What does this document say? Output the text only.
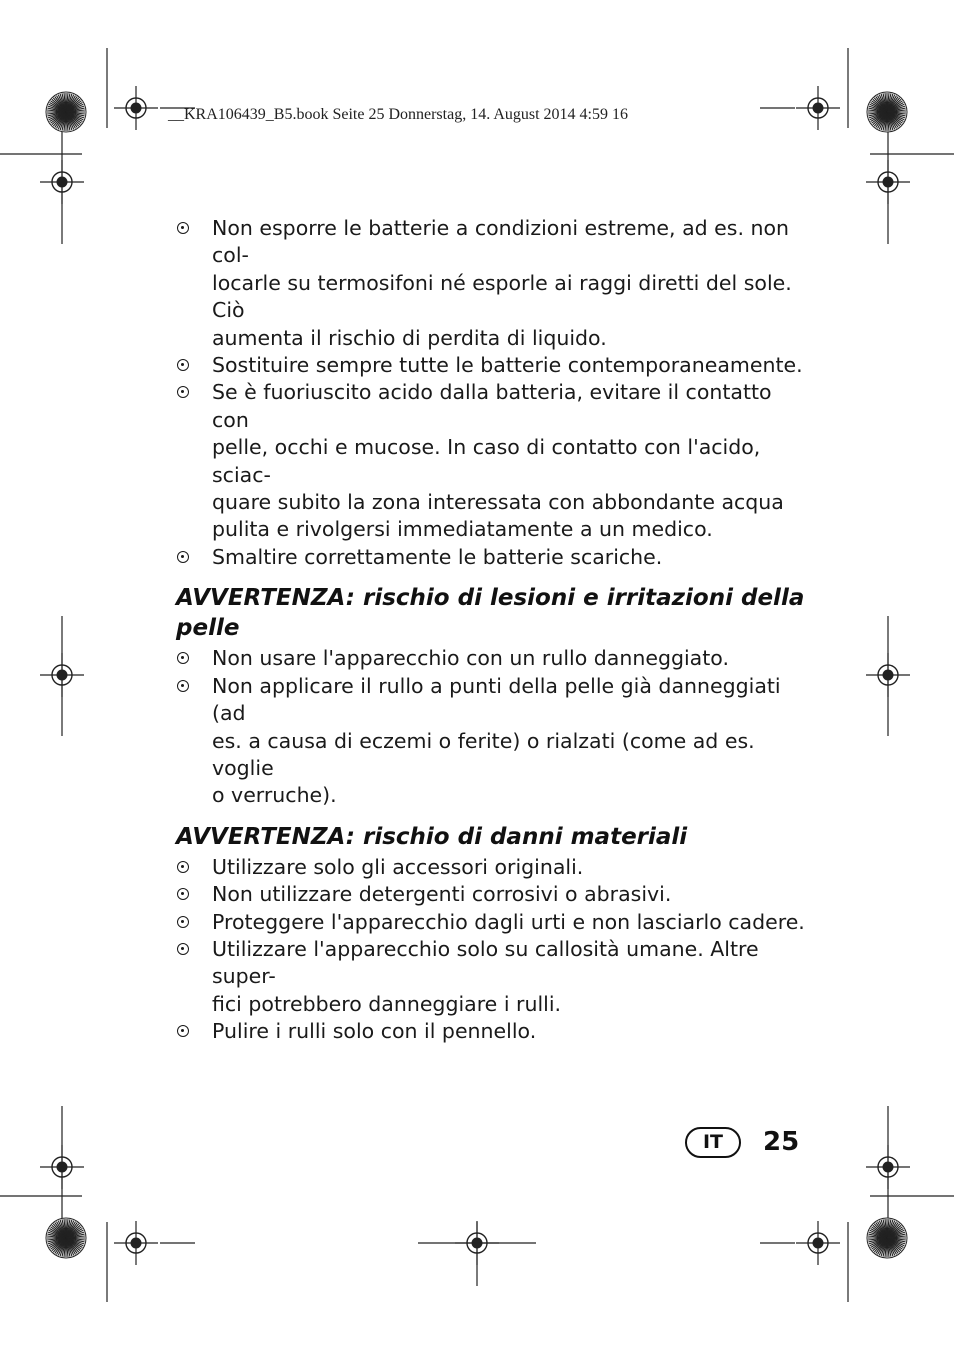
__KRA106439_B5.book Seite 25 Donnerstag, 14. August 2014 4:59 16
Non esporre le batterie a condizioni estreme, ad es. non col-
locarle su termosifoni né esporle ai raggi diretti del sole. Ciò
aumenta il rischio di perdita di liquido.
Sostituire sempre tutte le batterie contemporaneamente.
Se è fuoriuscito acido dalla batteria, evitare il contatto con
pelle, occhi e mucose. In caso di contatto con l'acido, sciac-
quare subito la zona interessata con abbondante acqua
pulita e rivolgersi immediatamente a un medico.
Smaltire correttamente le batterie scariche.
AVVERTENZA: rischio di lesioni e irritazioni della pelle
Non usare l'apparecchio con un rullo danneggiato.
Non applicare il rullo a punti della pelle già danneggiati (ad
es. a causa di eczemi o ferite) o rialzati (come ad es. voglie
o verruche).
AVVERTENZA: rischio di danni materiali
Utilizzare solo gli accessori originali.
Non utilizzare detergenti corrosivi o abrasivi.
Proteggere l'apparecchio dagli urti e non lasciarlo cadere.
Utilizzare l'apparecchio solo su callosità umane. Altre super-
fici potrebbero danneggiare i rulli.
Pulire i rulli solo con il pennello.
IT	25
